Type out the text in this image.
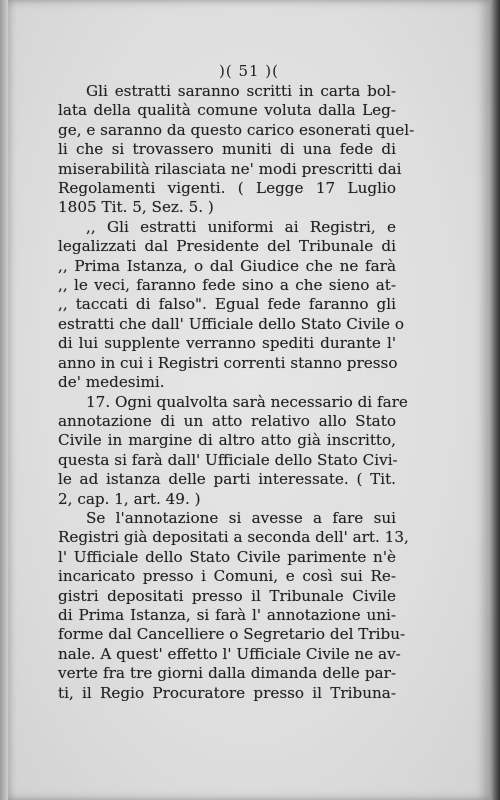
)( 51 )(
Gli estratti saranno scritti in carta bol-
lata della qualità comune voluta dalla Leg-
ge, e saranno da questo carico esonerati quel-
li che si trovassero muniti di una fede di
miserabilità rilasciata ne' modi prescritti dai
Regolamenti vigenti. ( Legge 17 Luglio
1805 Tit. 5, Sez. 5. )
,, Gli estratti uniformi ai Registri, e
legalizzati dal Presidente del Tribunale di
,, Prima Istanza, o dal Giudice che ne farà
,, le veci, faranno fede sino a che sieno at-
,, taccati di falso". Egual fede faranno gli
estratti che dall' Ufficiale dello Stato Civile o
di lui supplente verranno spediti durante l'
anno in cui i Registri correnti stanno presso
de' medesimi.
17. Ogni qualvolta sarà necessario di fare
annotazione di un atto relativo allo Stato
Civile in margine di altro atto già inscritto,
questa si farà dall' Ufficiale dello Stato Civi-
le ad istanza delle parti interessate. ( Tit.
2, cap. 1, art. 49. )
Se l'annotazione si avesse a fare sui
Registri già depositati a seconda dell' art. 13,
l' Ufficiale dello Stato Civile parimente n'è
incaricato presso i Comuni, e così sui Re-
gistri depositati presso il Tribunale Civile
di Prima Istanza, si farà l' annotazione uni-
forme dal Cancelliere o Segretario del Tribu-
nale. A quest' effetto l' Ufficiale Civile ne av-
verte fra tre giorni dalla dimanda delle par-
ti, il Regio Procuratore presso il Tribuna-
